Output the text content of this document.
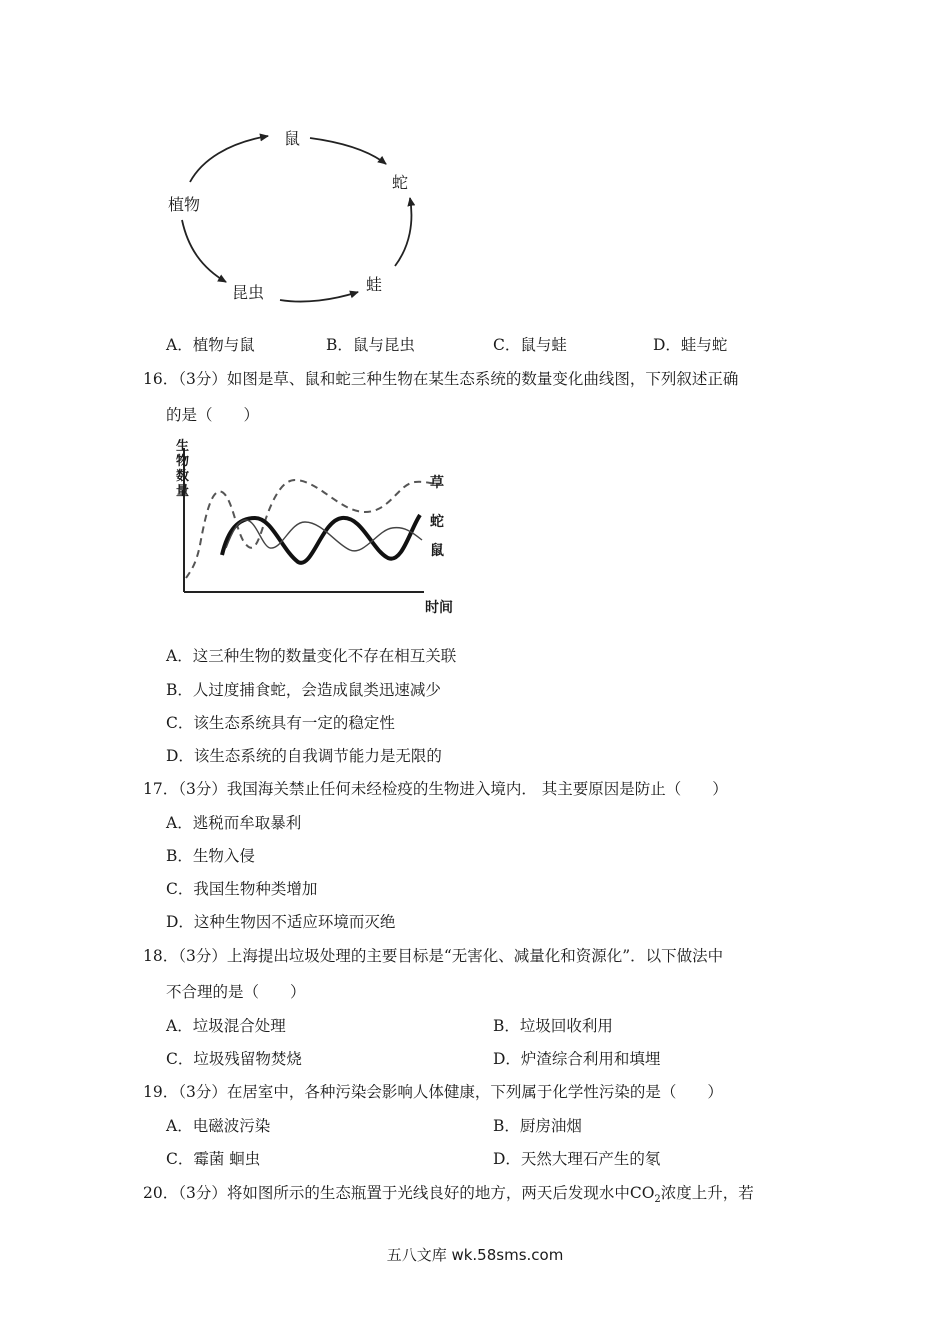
鼠
蛇
植物
昆虫	蛙
A．植物与鼠	B．鼠与昆虫	C．鼠与蛙	D．蛙与蛇
16．（3分）如图是草、鼠和蛇三种生物在某生态系统的数量变化曲线图，下列叙述正确
的是（　　）
生物数量
时间
草
蛇
鼠
A．这三种生物的数量变化不存在相互关联
B．人过度捕食蛇，会造成鼠类迅速减少
C．该生态系统具有一定的稳定性
D．该生态系统的自我调节能力是无限的
17．（3分）我国海关禁止任何未经检疫的生物进入境内． 其主要原因是防止（　　）
A．逃税而牟取暴利
B．生物入侵
C．我国生物种类增加
D．这种生物因不适应环境而灭绝
18．（3分）上海提出垃圾处理的主要目标是“无害化、减量化和资源化”．以下做法中
不合理的是（　　）
A．垃圾混合处理	B．垃圾回收利用
C．垃圾残留物焚烧	D．炉渣综合利用和填埋
19．（3分）在居室中，各种污染会影响人体健康，下列属于化学性污染的是（　　）
A．电磁波污染	B．厨房油烟
C．霉菌 蛔虫	D．天然大理石产生的氡
20．（3分）将如图所示的生态瓶置于光线良好的地方，两天后发现水中$CO_2$浓度上升，若
五八文库 wk.58sms.com
